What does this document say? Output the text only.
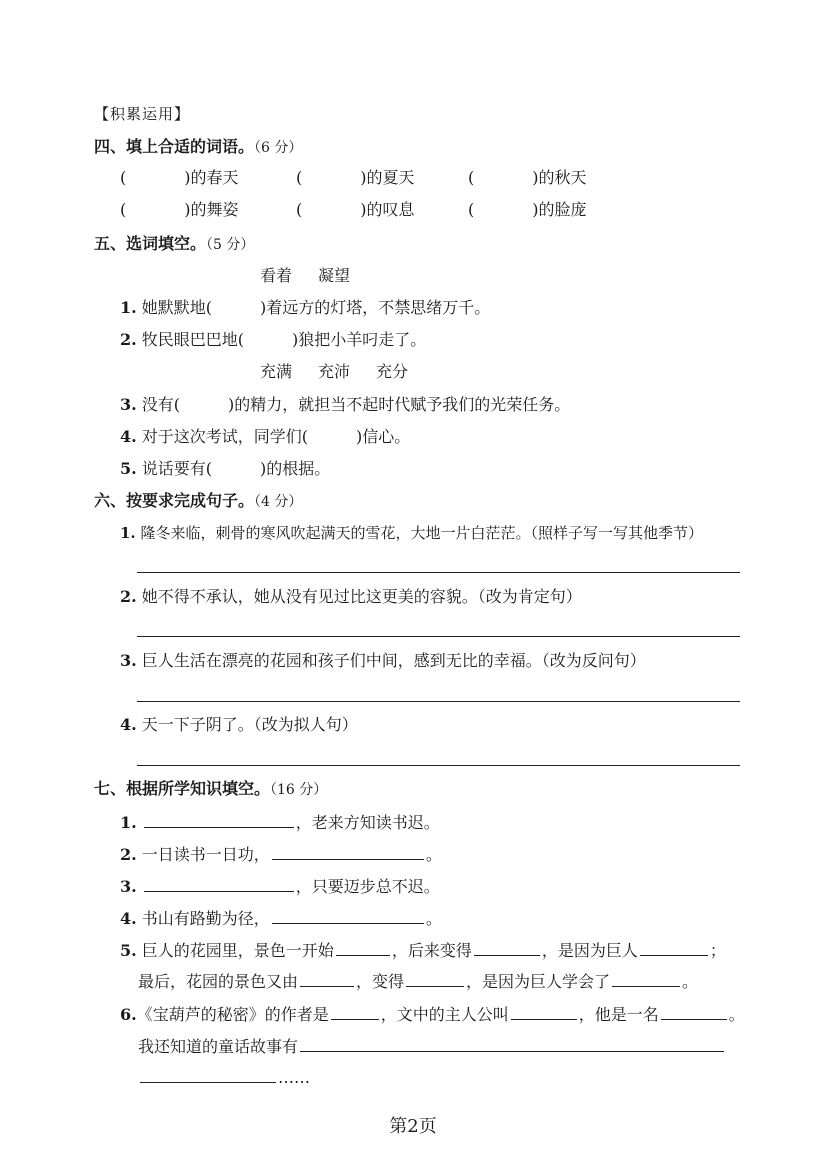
【积累运用】
四、填上合适的词语。（6 分）
(	)的春天	(	)的夏天	(	)的秋天
(	)的舞姿	(	)的叹息	(	)的脸庞
五、选词填空。（5 分）
看着 凝望
1. 她默默地(	)着远方的灯塔，不禁思绪万千。
2. 牧民眼巴巴地(	)狼把小羊叼走了。
充满 充沛 充分
3. 没有(	)的精力，就担当不起时代赋予我们的光荣任务。
4. 对于这次考试，同学们(	)信心。
5. 说话要有(	)的根据。
六、按要求完成句子。（4 分）
1. 隆冬来临，刺骨的寒风吹起满天的雪花，大地一片白茫茫。（照样子写一写其他季节）
2. 她不得不承认，她从没有见过比这更美的容貌。（改为肯定句）
3. 巨人生活在漂亮的花园和孩子们中间，感到无比的幸福。（改为反问句）
4. 天一下子阴了。（改为拟人句）
七、根据所学知识填空。（16 分）
1.	，老来方知读书迟。
2. 一日读书一日功，	。
3.	，只要迈步总不迟。
4. 书山有路勤为径，	。
5. 巨人的花园里，景色一开始	，后来变得	，是因为巨人	；
最后，花园的景色又由	，变得	，是因为巨人学会了	。
6.《宝葫芦的秘密》的作者是	，文中的主人公叫	，他是一名	。
我还知道的童话故事有
……
第2页
